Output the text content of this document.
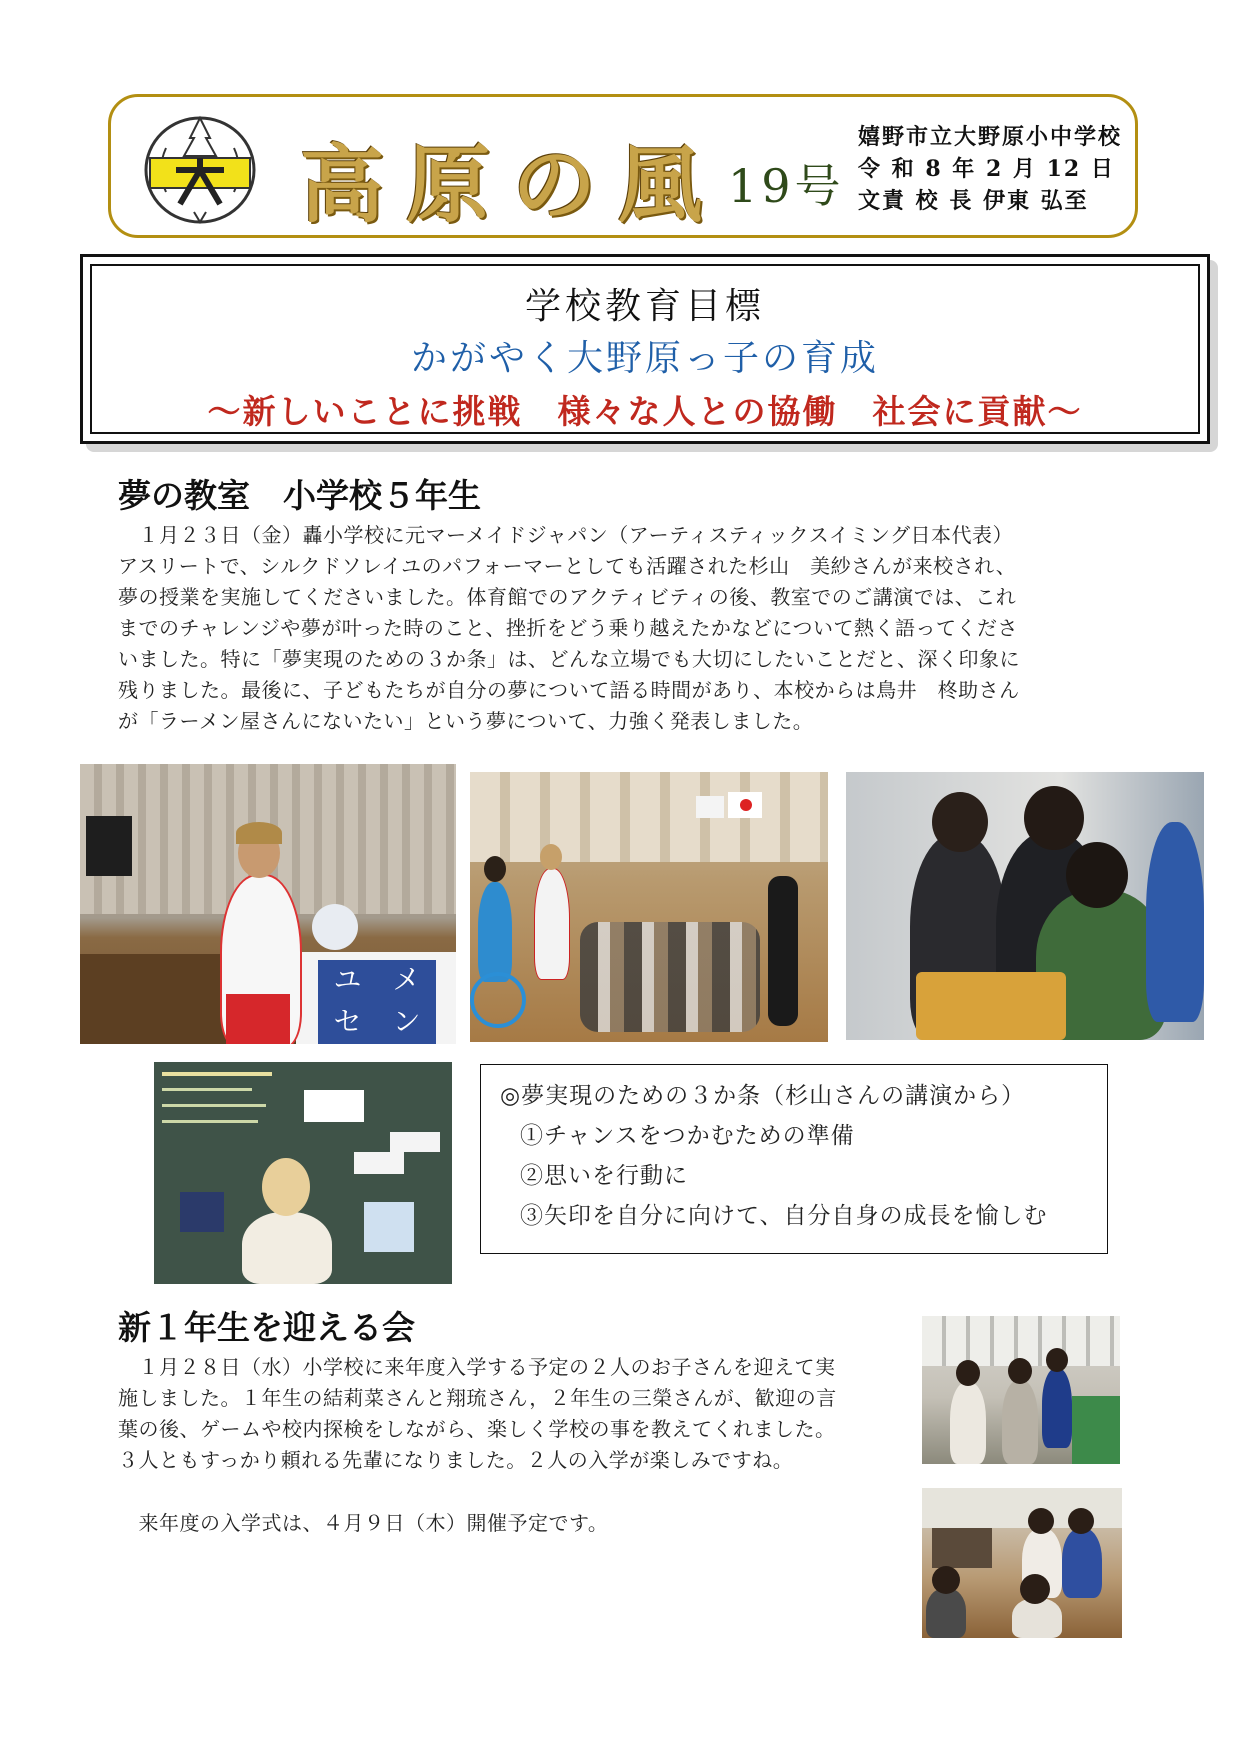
高原の風 19号
嬉野市立大野原小中学校
令 和 8 年 2 月 12 日
文責 校 長 伊東 弘至
学校教育目標
かがやく大野原っ子の育成
～新しいことに挑戦　様々な人との協働　社会に貢献～
夢の教室　小学校５年生
　１月２３日（金）轟小学校に元マーメイドジャパン（アーティスティックスイミング日本代表）
アスリートで、シルクドソレイユのパフォーマーとしても活躍された杉山　美紗さんが来校され、
夢の授業を実施してくださいました。体育館でのアクティビティの後、教室でのご講演では、これ
までのチャレンジや夢が叶った時のこと、挫折をどう乗り越えたかなどについて熱く語ってくださ
いました。特に「夢実現のための３か条」は、どんな立場でも大切にしたいことだと、深く印象に
残りました。最後に、子どもたちが自分の夢について語る時間があり、本校からは鳥井　柊助さん
が「ラーメン屋さんにないたい」という夢について、力強く発表しました。
ユ	メ
セ	ン
◎夢実現のための３か条（杉山さんの講演から）
①チャンスをつかむための準備
②思いを行動に
③矢印を自分に向けて、自分自身の成長を愉しむ
新１年生を迎える会
　１月２８日（水）小学校に来年度入学する予定の２人のお子さんを迎えて実
施しました。１年生の結莉菜さんと翔琉さん，２年生の三榮さんが、歓迎の言
葉の後、ゲームや校内探検をしながら、楽しく学校の事を教えてくれました。
３人ともすっかり頼れる先輩になりました。２人の入学が楽しみですね。
　来年度の入学式は、４月９日（木）開催予定です。
